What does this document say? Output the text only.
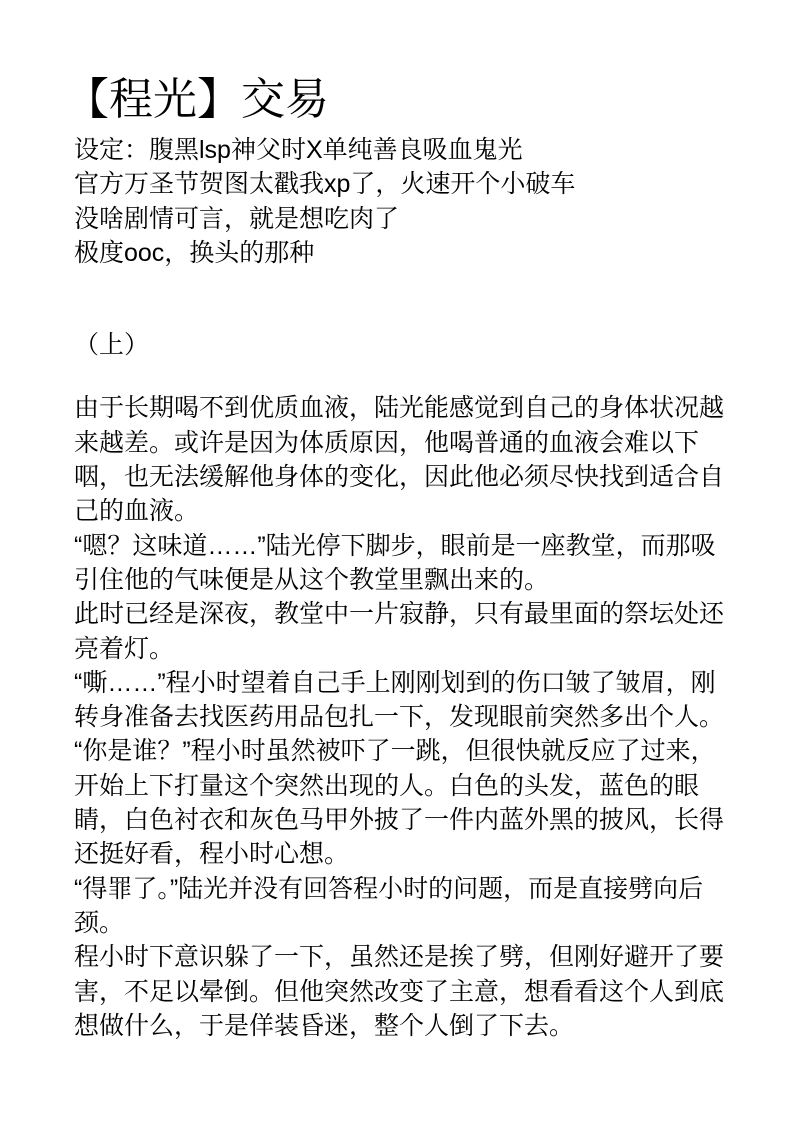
【程光】交易
设定：腹黑lsp神父时X单纯善良吸血鬼光
官方万圣节贺图太戳我xp了，火速开个小破车
没啥剧情可言，就是想吃肉了
极度ooc，换头的那种
（上）

由于长期喝不到优质血液，陆光能感觉到自己的身体状况越
来越差。或许是因为体质原因，他喝普通的血液会难以下
咽，也无法缓解他身体的变化，因此他必须尽快找到适合自
己的血液。

“嗯？这味道……”陆光停下脚步，眼前是一座教堂，而那吸
引住他的气味便是从这个教堂里飘出来的。

此时已经是深夜，教堂中一片寂静，只有最里面的祭坛处还
亮着灯。

“嘶……”程小时望着自己手上刚刚划到的伤口皱了皱眉，刚
转身准备去找医药用品包扎一下，发现眼前突然多出个人。

“你是谁？”程小时虽然被吓了一跳，但很快就反应了过来，
开始上下打量这个突然出现的人。白色的头发，蓝色的眼
睛，白色衬衣和灰色马甲外披了一件内蓝外黑的披风，长得
还挺好看，程小时心想。

“得罪了。”陆光并没有回答程小时的问题，而是直接劈向后
颈。

程小时下意识躲了一下，虽然还是挨了劈，但刚好避开了要
害，不足以晕倒。但他突然改变了主意，想看看这个人到底
想做什么，于是佯装昏迷，整个人倒了下去。
